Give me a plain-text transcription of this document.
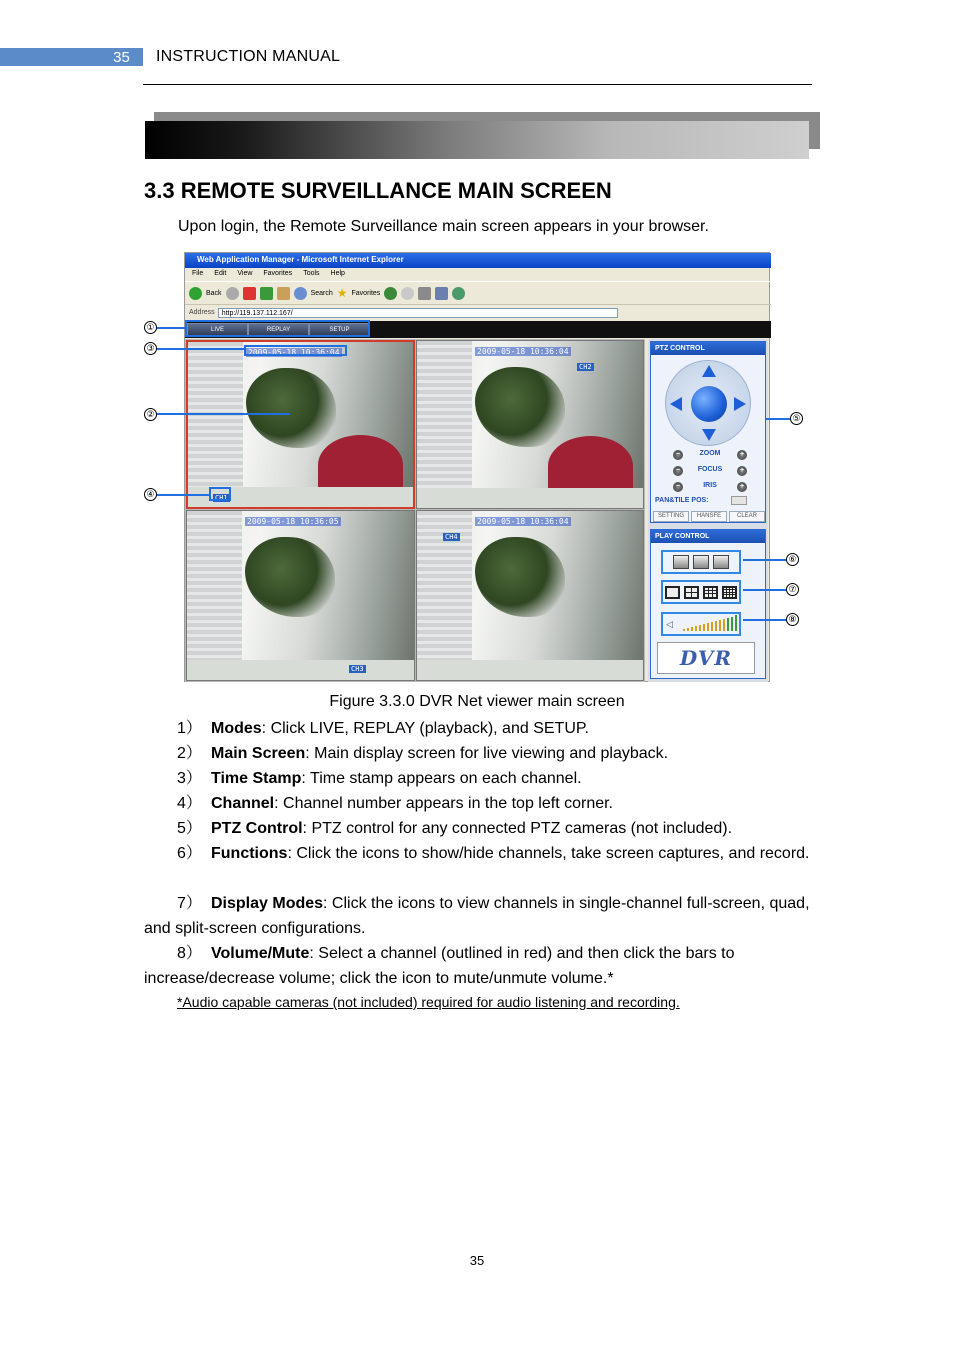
35	INSTRUCTION MANUAL
3.3 REMOTE SURVEILLANCE MAIN SCREEN
Upon login, the Remote Surveillance main screen appears in your browser.
Web Application Manager - Microsoft Internet Explorer
File Edit View Favorites Tools Help
Back	Search ★ Favorites
Address	http://119.137.112.167/
LIVE	REPLAY	SETUP
2009-05-18 10:36:04
CH1
2009-05-18 10:36:04
CH2
2009-05-18 10:36:05
CH3
2009-05-18 10:36:04
CH4
PTZ CONTROL
−	ZOOM	+
−	FOCUS	+
−	IRIS	+
PAN&TILE POS:
SETTING	HANSFE	CLEAR
PLAY CONTROL
◁
DVR
①
③
②
④
⑤
⑥
⑦
⑧
Figure 3.3.0 DVR Net viewer main screen
1） Modes: Click LIVE, REPLAY (playback), and SETUP.
2） Main Screen: Main display screen for live viewing and playback.
3） Time Stamp: Time stamp appears on each channel.
4） Channel: Channel number appears in the top left corner.
5） PTZ Control: PTZ control for any connected PTZ cameras (not included).
6） Functions: Click the icons to show/hide channels, take screen captures, and record.
7） Display Modes: Click the icons to view channels in single-channel full-screen, quad, and split-screen configurations.
8） Volume/Mute: Select a channel (outlined in red) and then click the bars to increase/decrease volume; click the icon to mute/unmute volume.*
*Audio capable cameras (not included) required for audio listening and recording.
35
